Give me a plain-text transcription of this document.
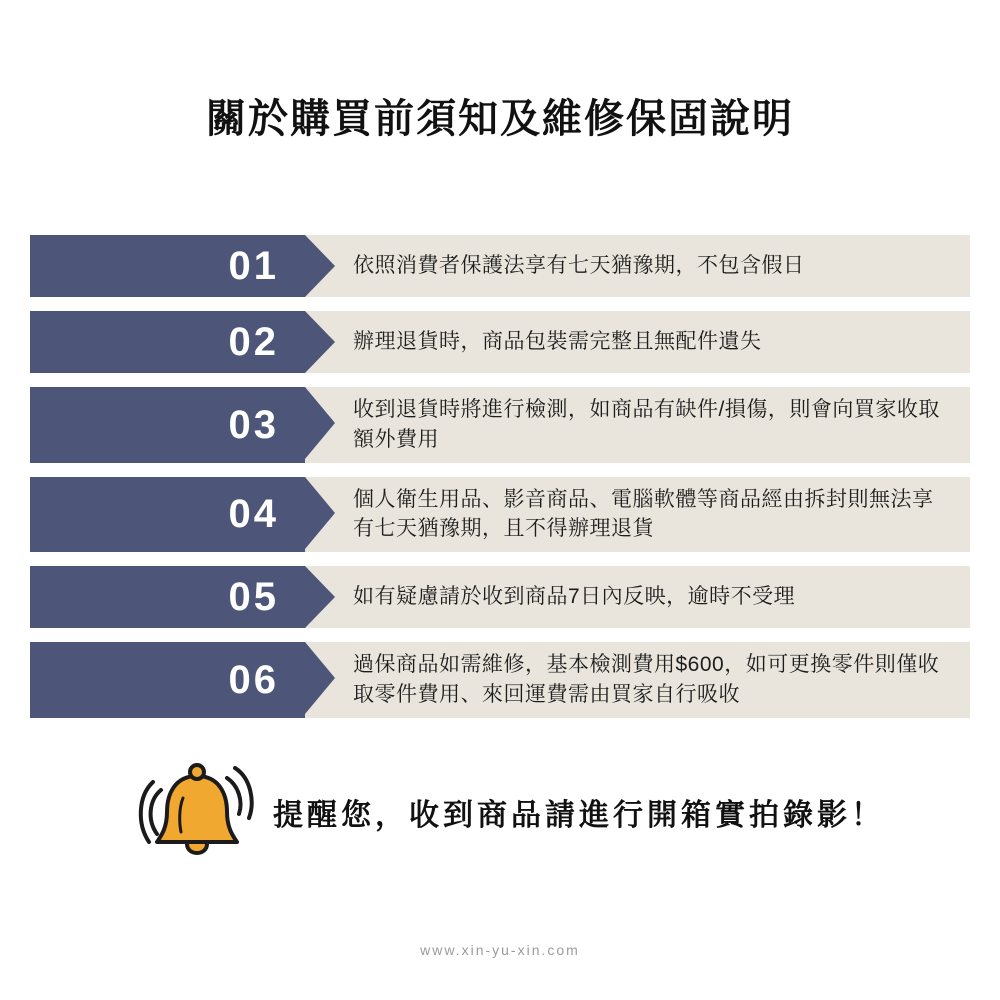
關於購買前須知及維修保固說明
01	依照消費者保護法享有七天猶豫期，不包含假日
02	辦理退貨時，商品包裝需完整且無配件遺失
03	收到退貨時將進行檢測，如商品有缺件/損傷，則會向買家收取額外費用
04	個人衛生用品、影音商品、電腦軟體等商品經由拆封則無法享有七天猶豫期，且不得辦理退貨
05	如有疑慮請於收到商品7日內反映，逾時不受理
06	過保商品如需維修，基本檢測費用$600，如可更換零件則僅收取零件費用、來回運費需由買家自行吸收
提醒您，收到商品請進行開箱實拍錄影！
www.xin-yu-xin.com
